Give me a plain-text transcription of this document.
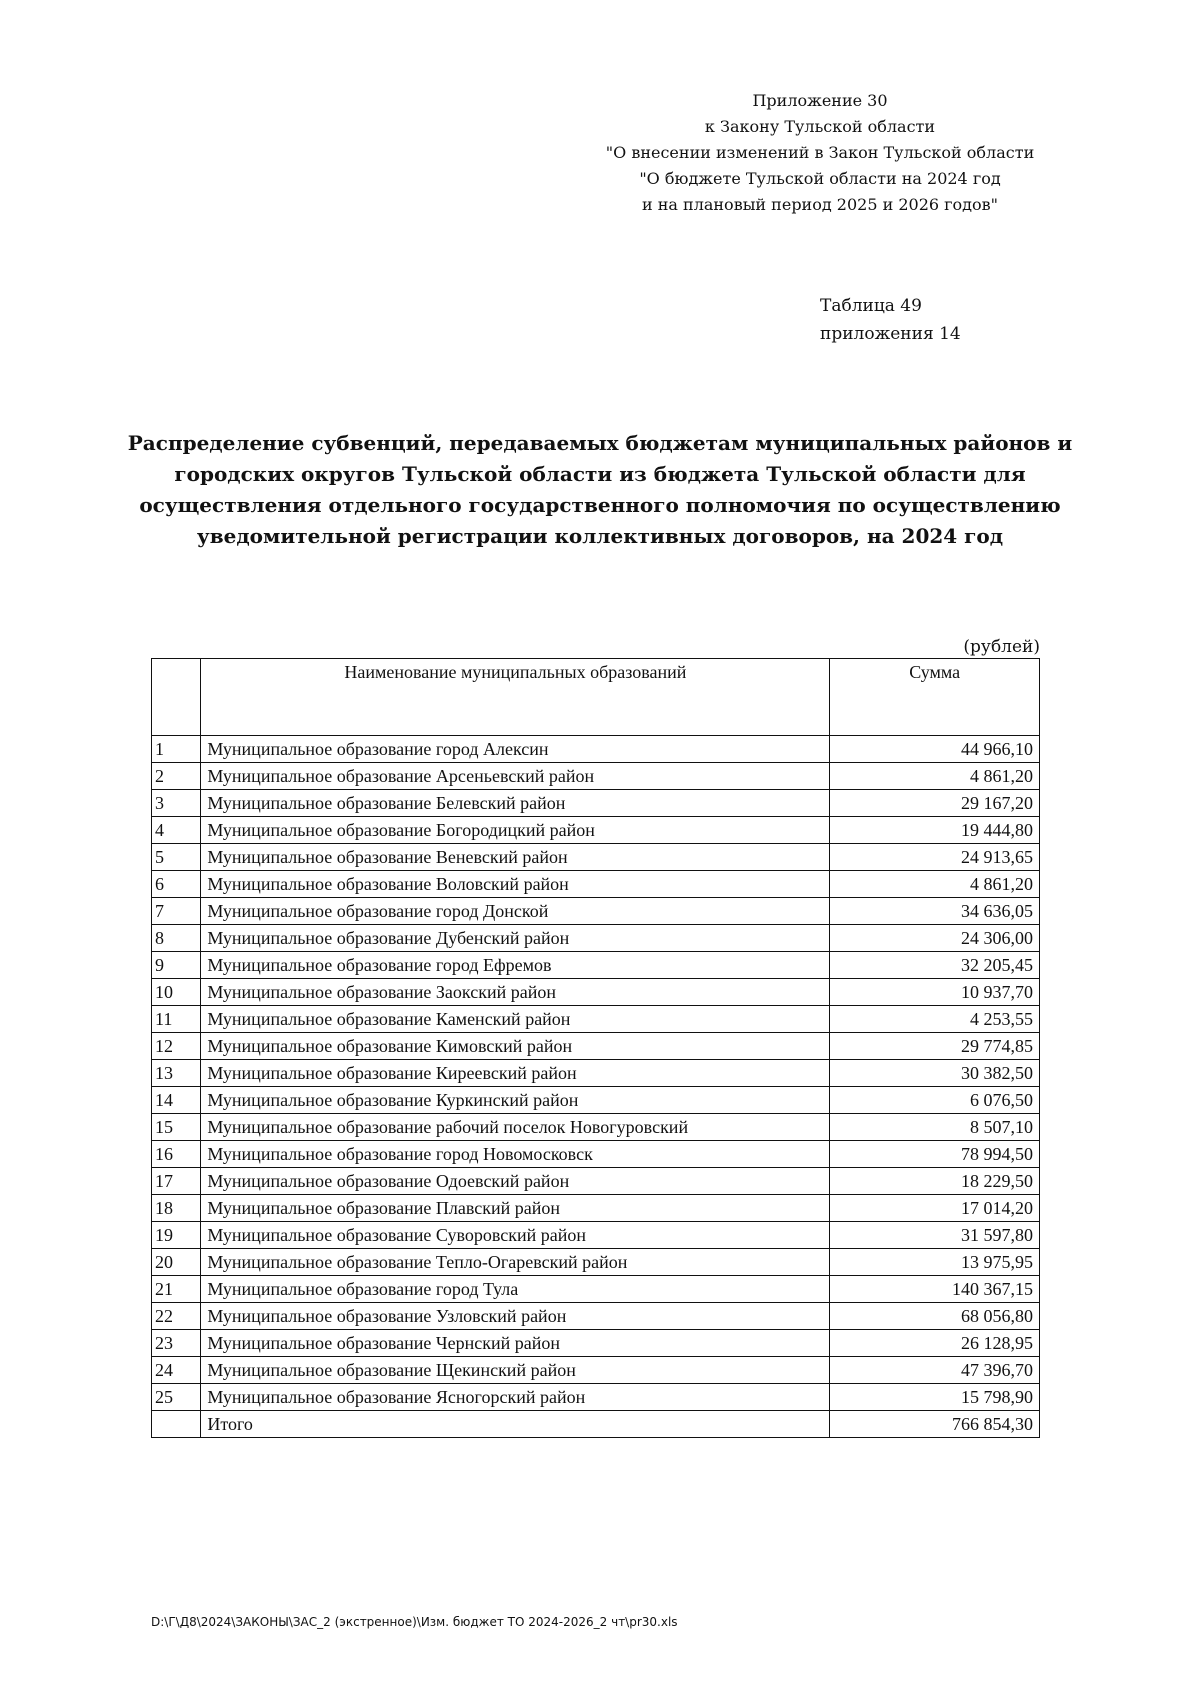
Приложение 30
к Закону Тульской области
"О внесении изменений в Закон Тульской области
"О бюджете Тульской области на 2024 год
и на плановый период 2025 и 2026 годов"
Таблица 49
приложения 14
Распределение субвенций, передаваемых бюджетам муниципальных районов и
городских округов Тульской области из бюджета Тульской области для
осуществления отдельного государственного полномочия по осуществлению
уведомительной регистрации коллективных договоров, на 2024 год
(рублей)
	Наименование муниципальных образований	Сумма
1	Муниципальное образование город Алексин	44 966,10
2	Муниципальное образование Арсеньевский район	4 861,20
3	Муниципальное образование Белевский район	29 167,20
4	Муниципальное образование Богородицкий район	19 444,80
5	Муниципальное образование Веневский район	24 913,65
6	Муниципальное образование Воловский район	4 861,20
7	Муниципальное образование город Донской	34 636,05
8	Муниципальное образование Дубенский район	24 306,00
9	Муниципальное образование город Ефремов	32 205,45
10	Муниципальное образование Заокский район	10 937,70
11	Муниципальное образование Каменский район	4 253,55
12	Муниципальное образование Кимовский район	29 774,85
13	Муниципальное образование Киреевский район	30 382,50
14	Муниципальное образование Куркинский район	6 076,50
15	Муниципальное образование рабочий поселок Новогуровский	8 507,10
16	Муниципальное образование город Новомосковск	78 994,50
17	Муниципальное образование Одоевский район	18 229,50
18	Муниципальное образование Плавский район	17 014,20
19	Муниципальное образование Суворовский район	31 597,80
20	Муниципальное образование Тепло-Огаревский район	13 975,95
21	Муниципальное образование город Тула	140 367,15
22	Муниципальное образование Узловский район	68 056,80
23	Муниципальное образование Чернский район	26 128,95
24	Муниципальное образование Щекинский район	47 396,70
25	Муниципальное образование Ясногорский район	15 798,90
	Итого	766 854,30
D:\Г\Д8\2024\ЗАКОНЫ\ЗАС_2 (экстренное)\Изм. бюджет ТО 2024-2026_2 чт\pr30.xls
